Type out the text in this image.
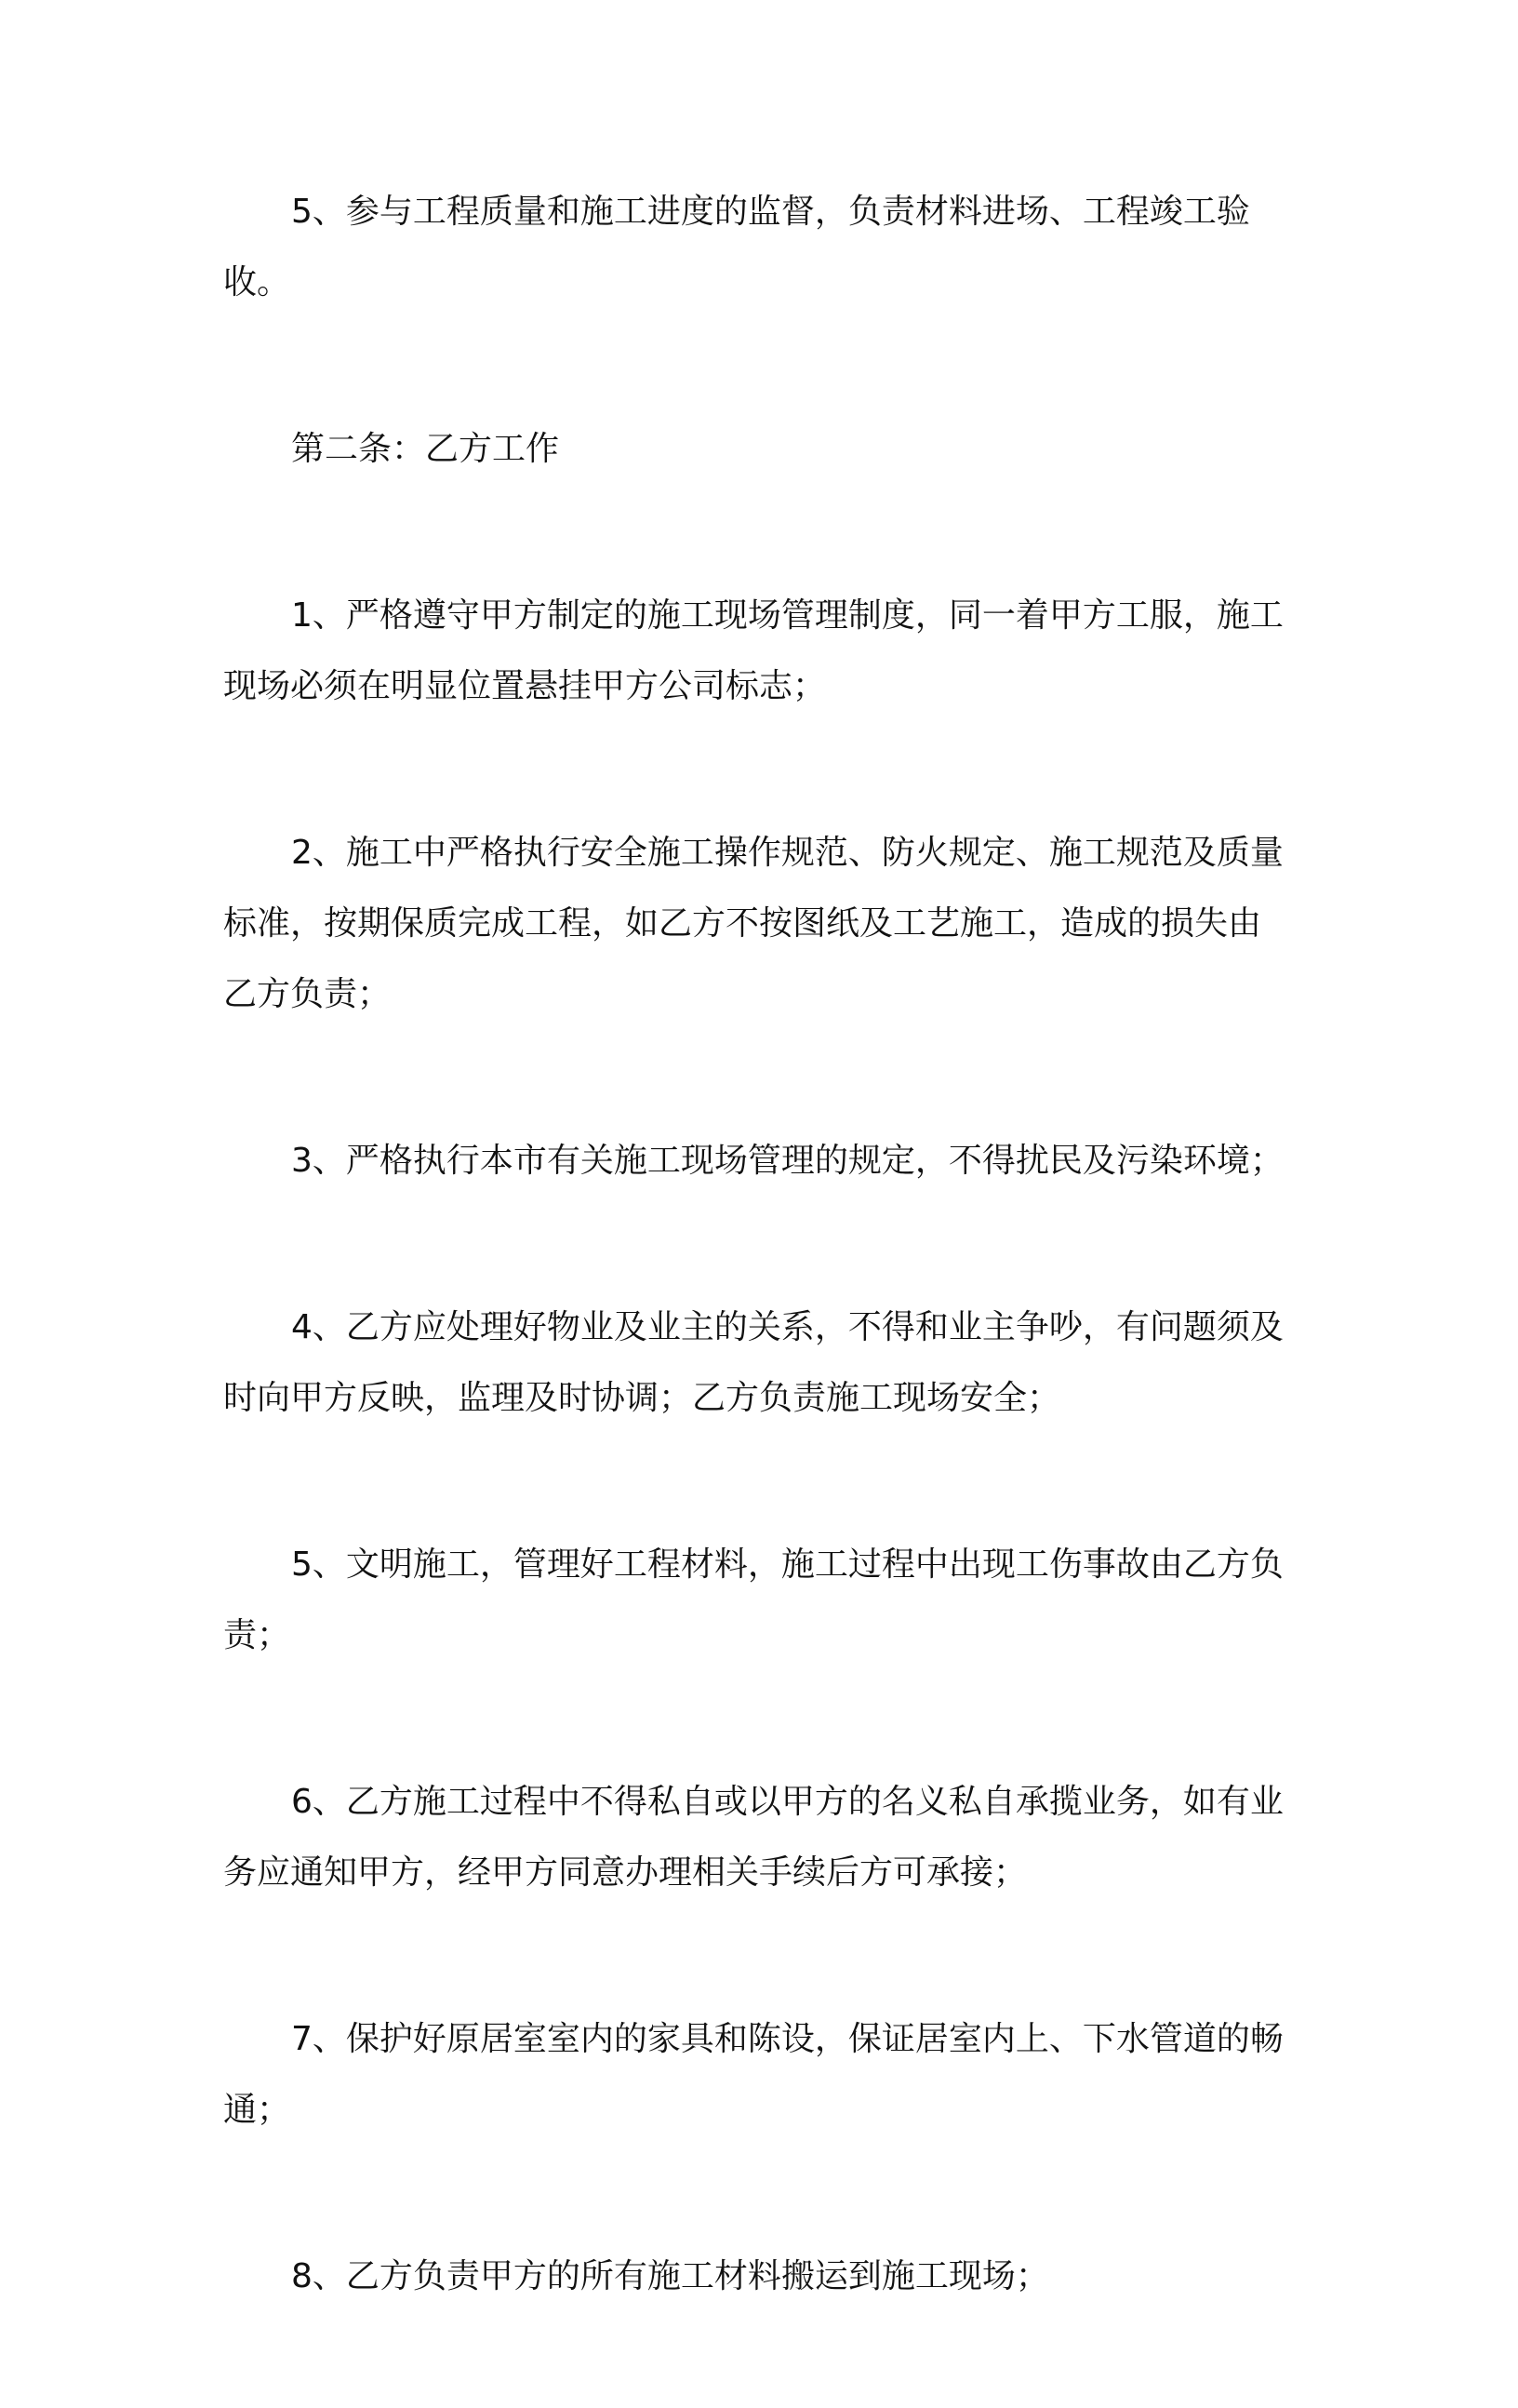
5、参与工程质量和施工进度的监督，负责材料进场、工程竣工验收。

第二条：乙方工作

1、严格遵守甲方制定的施工现场管理制度，同一着甲方工服，施工现场必须在明显位置悬挂甲方公司标志；

2、施工中严格执行安全施工操作规范、防火规定、施工规范及质量标准，按期保质完成工程，如乙方不按图纸及工艺施工，造成的损失由乙方负责；

3、严格执行本市有关施工现场管理的规定，不得扰民及污染环境；

4、乙方应处理好物业及业主的关系，不得和业主争吵，有问题须及时向甲方反映，监理及时协调；乙方负责施工现场安全；

5、文明施工，管理好工程材料，施工过程中出现工伤事故由乙方负责；

6、乙方施工过程中不得私自或以甲方的名义私自承揽业务，如有业务应通知甲方，经甲方同意办理相关手续后方可承接；

7、保护好原居室室内的家具和陈设，保证居室内上、下水管道的畅通；

8、乙方负责甲方的所有施工材料搬运到施工现场；
